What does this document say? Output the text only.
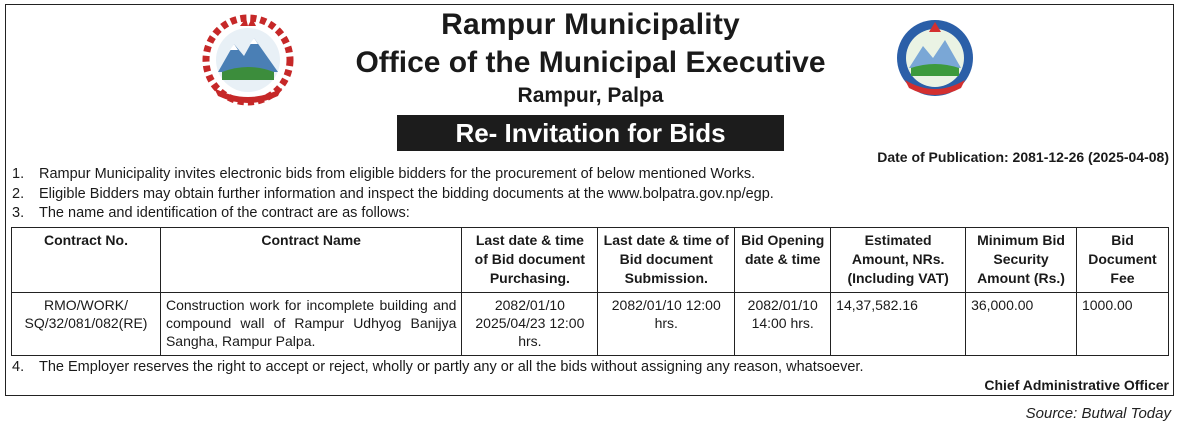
Rampur Municipality
Office of the Municipal Executive
Rampur, Palpa
Re- Invitation for Bids
Date of Publication: 2081-12-26 (2025-04-08)
1. Rampur Municipality invites electronic bids from eligible bidders for the procurement of below mentioned Works.
2. Eligible Bidders may obtain further information and inspect the bidding documents at the www.bolpatra.gov.np/egp.
3. The name and identification of the contract are as follows:
Contract No.	Contract Name	Last date & time of Bid document Purchasing.	Last date & time of Bid document Submission.	Bid Opening date & time	Estimated Amount, NRs. (Including VAT)	Minimum Bid Security Amount (Rs.)	Bid Document Fee
RMO/WORK/ SQ/32/081/082(RE)	Construction work for incomplete building and compound wall of Rampur Udhyog Banijya Sangha, Rampur Palpa.	2082/01/10 2025/04/23 12:00 hrs.	2082/01/10 12:00 hrs.	2082/01/10 14:00 hrs.	14,37,582.16	36,000.00	1000.00
4. The Employer reserves the right to accept or reject, wholly or partly any or all the bids without assigning any reason, whatsoever.
Chief Administrative Officer
Source: Butwal Today
